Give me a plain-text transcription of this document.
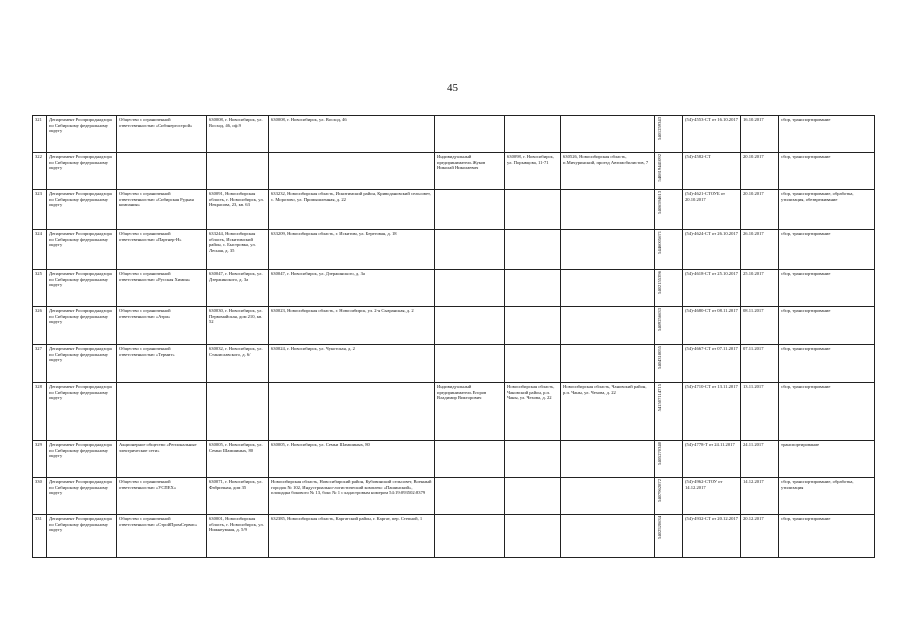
45
321	Департамент Росприроднадзора по Сибирскому федеральному округу	Общество с ограниченной ответственностью «Сибэнергострой»	630008, г. Новосибирск, ул. Восход, 46, оф.9	630008, г. Новосибирск, ул. Восход, 46				5401259343	(54)-4553-СТ от 16.10.2017	16.10.2017	сбор, транспортирование
322	Департамент Росприроднадзора по Сибирскому федеральному округу				Индивидуальный предприниматель Жуков Николай Николаевич	630098, г. Новосибирск, ул. Порывцова, 11-71	630526, Новосибирская область, п.Мичуринский, проезд Автомобилистов, 7	540819441092	(54)-4582-СТ	20.10.2017	сбор, транспортирование
323	Департамент Росприроднадзора по Сибирскому федеральному округу	Общество с ограниченной ответственностью «Сибирская Рудная компания»	630091, Новосибирская область, г. Новосибирск, ул. Некрасова, 23, кв. 63	633232, Новосибирская область, Искитимский район, Криводановский сельсовет, с. Морозово, ул. Промышленная, д. 22				5406594613	(54)-4621-СТОУБ от 20.10.2017	20.10.2017	сбор, транспортирование, обработка, утилизация, обезвреживание
324	Департамент Росприроднадзора по Сибирскому федеральному округу	Общество с ограниченной ответственностью «Партнер-Н»	633244, Новосибирская область, Искитимский район, с. Быстровка, ул. Лесная, д. 35	633209, Новосибирская область, г. Искитим, ул. Береговая, д. 18				5446005671	(54)-4624-СТ от 26.10.2017	26.10.2017	сбор, транспортирование
325	Департамент Росприроднадзора по Сибирскому федеральному округу	Общество с ограниченной ответственностью «Русская Химия»	630047, г. Новосибирск, ул. Дзержинского, д. 3а	630047, г. Новосибирск, ул. Дзержинского, д. 3а				5402155396	(54)-4618-СТ от 25.10.2017	25.10.2017	сбор, транспортирование
326	Департамент Росприроднадзора по Сибирскому федеральному округу	Общество с ограниченной ответственностью «Атри»	630030, г. Новосибирск, ул. Первомайская, дом 210, кв. 52	630023, Новосибирская область, г. Новосибирск, ул. 2-я Сызранская, д. 2				5409256633	(54)-4680-СТ от 08.11.2017	08.11.2017	сбор, транспортирование
327	Департамент Росприроднадзора по Сибирскому федеральному округу	Общество с ограниченной ответственностью «Термит»	630032, г. Новосибирск, ул. Станиславского, д. 6/	630024, г. Новосибирск, ул. Чукотская, д. 2				5404318055	(54)-4667-СТ от 07.11.2017	07.11.2017	сбор, транспортирование
328	Департамент Росприроднадзора по Сибирскому федеральному округу				Индивидуальный предприниматель Егоров Владимир Викторович	Новосибирская область, Чановский район, р.п. Чаны, ул. Чехова, д. 22	Новосибирская область, Чановский район, р.п. Чаны, ул. Чехова, д. 22	541507114715	(54)-4710-СТ от 13.11.2017	13.11.2017	сбор, транспортирование
329	Департамент Росприроднадзора по Сибирскому федеральному округу	Акционерное общество «Региональные электрические сети»	630005, г. Новосибирск, ул. Семьи Шамшиных, 80	630005, г. Новосибирск, ул. Семьи Шамшиных, 80				5405270340	(54)-4778-Т от 24.11.2017	24.11.2017	транспортирование
330	Департамент Росприроднадзора по Сибирскому федеральному округу	Общество с ограниченной ответственностью «УСПЕХ»	630071, г. Новосибирск, ул. Фабричная, дом 35	Новосибирская область, Новосибирский район, Кубовинский сельсовет, Военный городок № 102, Индустриально-логистический комплекс «Пашинский», площадка бокового № 13, бокс № 1 с кадастровым номером 54:19:093502:8379				5407962872	(54)-4962-СТОУ от 14.12.2017	14.12.2017	сбор, транспортирование, обработка, утилизация
331	Департамент Росприроднадзора по Сибирскому федеральному округу	Общество с ограниченной ответственностью «СтройПромСервис»	630001, Новосибирская область, г. Новосибирск, ул. Нижнеумная, д. 5/9	632385, Новосибирская область, Каргатский район, г. Каргат, пер. Степной, 1				5402520634	(54)-4932-СТ от 20.12.2017	20.12.2017	сбор, транспортирование
